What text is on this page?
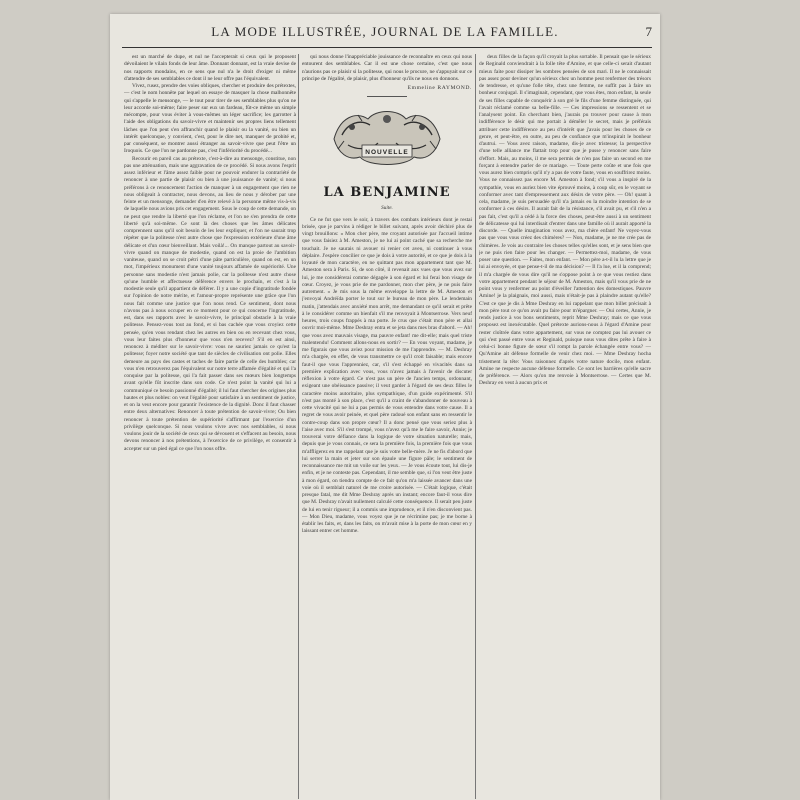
LA MODE ILLUSTRÉE, JOURNAL DE LA FAMILLE.	7

est un marché de dupe, et nul ne l'accepterait si ceux qui le proposent dévoilaient le vilain fonds de leur âme. Donnant donnant, est la vraie devise de nos rapports mondains, en ce sens que nul n'a le droit d'exiger ni même d'attendre de ses semblables ce dont il ne leur offre pas l'équivalent.

Vivez, rusez, prendre des voies obliques, chercher et produire des prétextes, — c'est le nom honnête par lequel on essaye de masquer la chose malhonnête qui s'appelle le mensonge, — le tout pour tirer de ses semblables plus qu'on ne leur accorde soi-même; faire peser sur eux un fardeau, fût-ce même un simple mécompte, pour vous éviter à vous-mêmes un léger sacrifice; les garrotter à l'aide des obligations du savoir-vivre et maintenir ses propres liens tellement lâches que l'on peut s'en affranchir quand le plaisir ou la vanité, ou bien un intérêt quelconque, y convient, c'est, pour le dire net, manquer de probité et, par conséquent, se montrer aussi étranger au savoir-vivre que peut l'être un Iroquois. Ce que l'on ne pardonne pas, c'est l'infériorité du procédé...

Recourir en pareil cas au prétexte, c'est-à-dire au mensonge, constitue, non pas une atténuation, mais une aggravation de ce procédé. Si nous avons l'esprit assez inférieur et l'âme assez faible pour ne pouvoir endurer la contrariété de renoncer à une partie de plaisir ou bien à une jouissance de vanité; si nous préférons à ce renoncement l'action de manquer à un engagement que rien ne nous obligeait à contracter, nous devons, au lieu de nous y dérober par une feinte et un mensonge, demander d'en être relevé à la personne même vis-à-vis de laquelle nous avions pris cet engagement. Sous le coup de cette demande, on ne peut que rendre la liberté que l'on réclame, et l'on ne s'en prendra de cette liberté qu'à soi-même. Ce sont là des choses que les âmes délicates comprennent sans qu'il soit besoin de les leur expliquer, et l'on ne saurait trop répéter que la politesse n'est autre chose que l'expression extérieure d'une âme délicate et d'un cœur bienveillant. Mais voilà!... On manque partout au savoir-vivre quand on manque de modestie, quand on est la proie de l'ambition vaniteuse, quand on se croit pétri d'une pâte particulière, quand on est, en un mot, l'impérieux monument d'une vanité toujours affamée de supériorité. Une personne sans modestie n'est jamais polie, car la politesse n'est autre chose qu'une humble et affectueuse déférence envers le prochain, et c'est à la modestie seule qu'il appartient de déférer. Il y a une copie d'ingratitude fondée sur l'opinion de notre mérite, et l'amour-propre représente une grâce que l'on nous fait comme une justice que l'on nous rend. Ce sentiment, dont nous n'avons pas à nous occuper en ce moment pour ce qui concerne l'ingratitude, est, dans ses rapports avec le savoir-vivre, le principal obstacle à la vraie politesse. Pensez-vous tout au fond, et si bas cachée que vous croyiez cette pensée, qu'en vous rendant chez les autres en bien ou en recevant chez vous, vous leur faites plus d'honneur que vous n'en recevez? S'il en est ainsi, renoncez à méditer sur le savoir-vivre: vous ne sauriez jamais ce qu'est la politesse; foyer notre société que tant de siècles de civilisation ont polie. Elles demeure au pays des castes et taches de faire partie de celle des humbles; car vous n'en retrouverez pas l'équivalent sur notre terre affamée d'égalité et qui l'a conquise par la politesse, qui l'a fait passer dans ses mœurs bien longtemps avant qu'elle fût inscrite dans son code. Ce n'est point la vanité qui lui a communiqué ce besoin passionné d'égalité; il lui faut chercher des origines plus hautes et plus nobles: on veut l'égalité pour satisfaire à un sentiment de justice, et on la veut encore pour garantir l'existence de la dignité. Donc il faut chasser entre deux alternatives: Renoncer à toute prétention de savoir-vivre; Ou bien renoncer à toute prétention de supériorité s'affirmant par l'exercice d'un privilège quelconque. Si nous voulons vivre avec nos semblables, si nous voulons jouir de la société de ceux qui se dévouent et s'effacent au besoin, nous devons renoncer à nos prétentions, à l'exercice de ce privilège, et consentir à accepter sur un pied égal ce que l'on nous offre.

qui nous donne l'inappréciable jouissance de reconnaître en ceux qui nous entourent des semblables. Car il est une chose certaine, c'est que nous n'aurions pas ce plaisir si la politesse, qui nous le procure, ne s'appuyait sur ce principe de l'égalité, de plaisir, plus d'honneur qu'ils ne nous en donnons.

Emmeline RAYMOND.
NOUVELLE
LA BENJAMINE
Suite.

Ce ne fut que vers le soir, à travers des combats intérieurs dont je restai brisée, que je parvins à rédiger le billet suivant, après avoir déchiré plus de vingt brouillons: « Mon cher père, me croyant autorisée par l'accueil intime que vous faisiez à M. Ameston, je ne lui ai point caché que sa recherche me touchait. Je ne saurais ni avouer ni renier cet aveu, ni continuer à vous déplaire. J'espère concilier ce que je dois à votre autorité, et ce que je dois à la loyauté de mon caractère, en ne quittant pas mon appartement tant que M. Ameston sera à Paris. Si, de son côté, il revenait aux vues que vous avez sur lui, je me considérerai comme dégagée à son égard et lui ferai bon visage de cœur. Croyez, je vous prie de me pardonner, mon cher père, je ne puis faire autrement. » Je mis sous la même enveloppe la lettre de M. Ameston et j'envoyai Andréïda porter le tout sur le bureau de mon père. Le lendemain matin, j'attendais avec anxiété mon arrêt, me demandant ce qu'il serait et prête à le considérer comme un bienfait s'il me renvoyait à Montserrose. Vers neuf heures, trois coups frappés à ma porte. Je crus que c'était mon père et allai ouvrir moi-même. Mme Deshray entra et se jeta dans mes bras d'abord. — Ah! que vous avez mauvais visage, ma pauvre enfant! me dit-elle; mais quel triste malentendu! Comment allons-nous en sortir? — En vous voyant, madame, je me figurais que vous aviez pour mission de me l'apprendre. — M. Deshray m'a chargée, en effet, de vous transmettre ce qu'il croit faisable; mais encore faut-il que vous l'apprenniez, car, s'il s'est échappé en vivacités dans sa première explication avec vous, vous n'avez jamais à l'avenir de discuter réflexion à votre égard. Ce n'est pas un père de l'ancien temps, ordonnant, exigeant une obéissance passive; il veut garder à l'égard de ses deux filles le caractère moins autoritaire, plus sympathique, d'un guide expérimenté. S'il n'est pas monté à son place, c'est qu'il a craint de s'abandonner de nouveau à cette vivacité qui ne lui a pas permis de vous entendre dans votre cause. Il a regret de vous avoir peinée, et quel père radoué son enfant sans en ressentir le contre-coup dans son propre cœur? Il a donc pensé que vous seriez plus à l'aise avec moi. S'il s'est trompé, vous n'avez qu'à me le faire savoir, Annie; je trouverai votre défiance dans la logique de votre situation naturelle; mais, depuis que je vous connais, ce sera la première fois, la première fois que vous m'affligerez en me rappelant que je suis votre belle-mère. Je ne fis d'abord que lui serrer la main et jeter sur son épaule une figure pâle; le sentiment de reconnaissance me mit un voile sur les yeux. — Je vous écoute tout, lui dis-je enfin, et je ne conteste pas. Cependant, il me semble que, si l'on veut être juste à mon égard, on tiendra compte de ce fait qu'on m'a laissée avancer dans une voie où il semblait naturel de me croire autorisée. — C'était logique, c'était presque fatal, me dit Mme Deshray après un instant; encore faut-il vous dire que M. Deshray n'avait nullement calculé cette conséquence. Il serait peu juste de lui en tenir rigueur; il a commis une imprudence, et il n'en disconvient pas. — Mon Dieu, madame, vous voyez que je ne récrimine pas; je me borne à établir les faits, et, dans les faits, on m'avait mise à la porte de mon cœur en y laissant entrer cet homme.

deux filles de la façon qu'il croyait la plus sortable. Il pensait que le sérieux de Reginald conviendrait à la folle tête d'Amine, et que celle-ci serait d'autant mieux faite pour dissiper les sombres pensées de son mari. Il ne le connaissait pas assez pour deviner qu'un sérieux chez un homme peut renfermer des trésors de tendresse, et qu'une folle tête, chez une femme, ne suffit pas à faire un bonheur conjugal. Il s'imaginait, cependant, que vous êtes, mon enfant, la seule de ses filles capable de conquérir à son gré le fils d'une femme distinguée, qui l'avait réclamé comme sa belle-fille. — Ces impressions se ressentent et se l'analysent point. En cherchant bien, j'aurais pu trouver pour cause à mon indifférence le désir qui me portait à démêler le secret, mais je préférais attribuer cette indifférence au peu d'intérêt que j'avais pour les choses de ce genre, et peut-être, en outre, au peu de confiance que m'inspirait le bonheur d'autrui. — Vous avez raison, madame, dis-je avec tristesse; la perspective d'une telle alliance me flattait trop pour que je pusse y renoncer sans faire d'effort. Mais, au moins, il me sera permis de n'en pas faire un second en me forçant à entendre parler de ce mariage. — Toute perte coûte et une fois que vous aurez bien compris qu'il n'y a pas de votre faute, vous en souffrirez moins. Vous ne connaissez pas encore M. Ameston à fond; s'il vous a inspiré de la sympathie, vous en auriez bien vite éprouvé moins, à coup sûr, en le voyant se conformer avec tant d'empressement aux désirs de votre père. — Oh! quant à cela, madame, je suis persuadée qu'il n'a jamais eu la moindre intention de se conformer à ces désirs. Il aurait fait de la résistance, s'il avait pu, et s'il n'en a pas fait, c'est qu'il a cédé à la force des choses, peut-être aussi à un sentiment de délicatesse qui lui interdisait d'entrer dans une famille où il aurait apporté la discorde. — Quelle imagination vous avez, ma chère enfant! Ne voyez-vous pas que vous vous créez des chimères? — Non, madame, je ne me crée pas de chimères. Je vois au contraire les choses telles qu'elles sont, et je sens bien que je ne puis rien faire pour les changer. — Permettez-moi, madame, de vous poser une question. — Faites, mon enfant. — Mon père a-t-il lu la lettre que je lui ai envoyée, et que pense-t-il de ma décision? — Il l'a lue, et il la comprend; il m'a chargée de vous dire qu'il ne s'oppose point à ce que vous restiez dans votre appartement pendant le séjour de M. Ameston, mais qu'il vous prie de ne point vous y renfermer au point d'éveiller l'attention des domestiques. Pauvre Amine! je la plaignais, moi aussi, mais n'était-je pas à plaindre autant qu'elle? C'est ce que je dis à Mme Deshray en lui rappelant que mon billet précisait à mon père tout ce qu'on avait pu faire pour m'épargner. — Oui certes, Annie, je rends justice à vos bons sentiments, reprit Mme Deshray; mais ce que vous proposez est inexécutable. Quel prétexte aurions-nous à l'égard d'Amine pour rester cloîtrée dans votre appartement, sur vous ne comptez pas lui avouer ce qui s'est passé entre vous et Reginald, puisque nous vous dites prête à faire à celui-ci bonne figure de sœur s'il rompt la parole échangée entre vous? — Qu'Amine ait défense formelle de venir chez moi. — Mme Deshray hocha tristement la tête: Vous raisonnez d'après votre nature docile, mon enfant. Amine ne respecte aucune défense formelle. Ce sont les barrières qu'elle sacre de préférence. — Alors qu'on me renvoie à Montserrose. — Certes que M. Deshray en veut à aucun prix et
